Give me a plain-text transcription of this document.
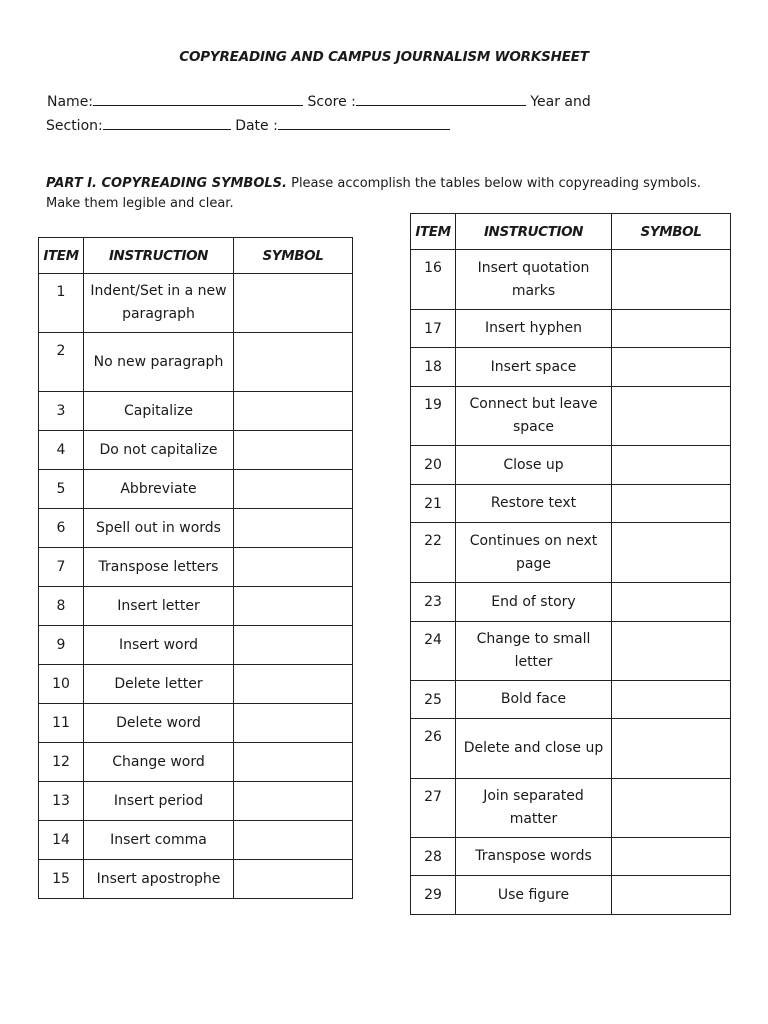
COPYREADING AND CAMPUS JOURNALISM WORKSHEET
Name:	Score :	Year and
Section:	Date :
PART I. COPYREADING SYMBOLS. Please accomplish the tables below with copyreading symbols. Make them legible and clear.
ITEM	INSTRUCTION	SYMBOL
1	Indent/Set in a new paragraph	
2	No new paragraph	
3	Capitalize	
4	Do not capitalize	
5	Abbreviate	
6	Spell out in words	
7	Transpose letters	
8	Insert letter	
9	Insert word	
10	Delete letter	
11	Delete word	
12	Change word	
13	Insert period	
14	Insert comma	
15	Insert apostrophe	
ITEM	INSTRUCTION	SYMBOL
16	Insert quotation marks	
17	Insert hyphen	
18	Insert space	
19	Connect but leave space	
20	Close up	
21	Restore text	
22	Continues on next page	
23	End of story	
24	Change to small letter	
25	Bold face	
26	Delete and close up	
27	Join separated matter	
28	Transpose words	
29	Use figure	
